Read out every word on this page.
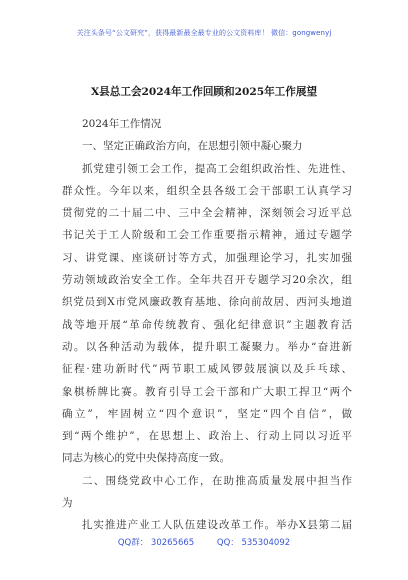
关注头条号“公文研究”，获得最新最全最专业的公文资料库！ 微信：gongwenyj
X县总工会2024年工作回顾和2025年工作展望
2024年工作情况
一、坚定正确政治方向，在思想引领中凝心聚力
抓党建引领工会工作，提高工会组织政治性、先进性、
群众性。今年以来，组织全县各级工会干部职工认真学习
贯彻党的二十届二中、三中全会精神，深刻领会习近平总
书记关于工人阶级和工会工作重要指示精神，通过专题学
习、讲党课、座谈研讨等方式，加强理论学习，扎实加强
劳动领域政治安全工作。全年共召开专题学习20余次，组
织党员到X市党风廉政教育基地、徐向前故居、西河头地道
战等地开展“革命传统教育、强化纪律意识”主题教育活
动。以各种活动为载体，提升职工凝聚力。举办“奋进新
征程·建功新时代”两节职工威风锣鼓展演以及乒乓球、
象棋桥牌比赛。教育引导工会干部和广大职工捍卫“两个
确立”，牢固树立“四个意识”，坚定“四个自信”，做
到“两个维护”，在思想上、政治上、行动上同以习近平
同志为核心的党中央保持高度一致。
二、围绕党政中心工作，在助推高质量发展中担当作
为
扎实推进产业工人队伍建设改革工作。举办X县第二届
QQ群： 30265665	QQ： 535304092
